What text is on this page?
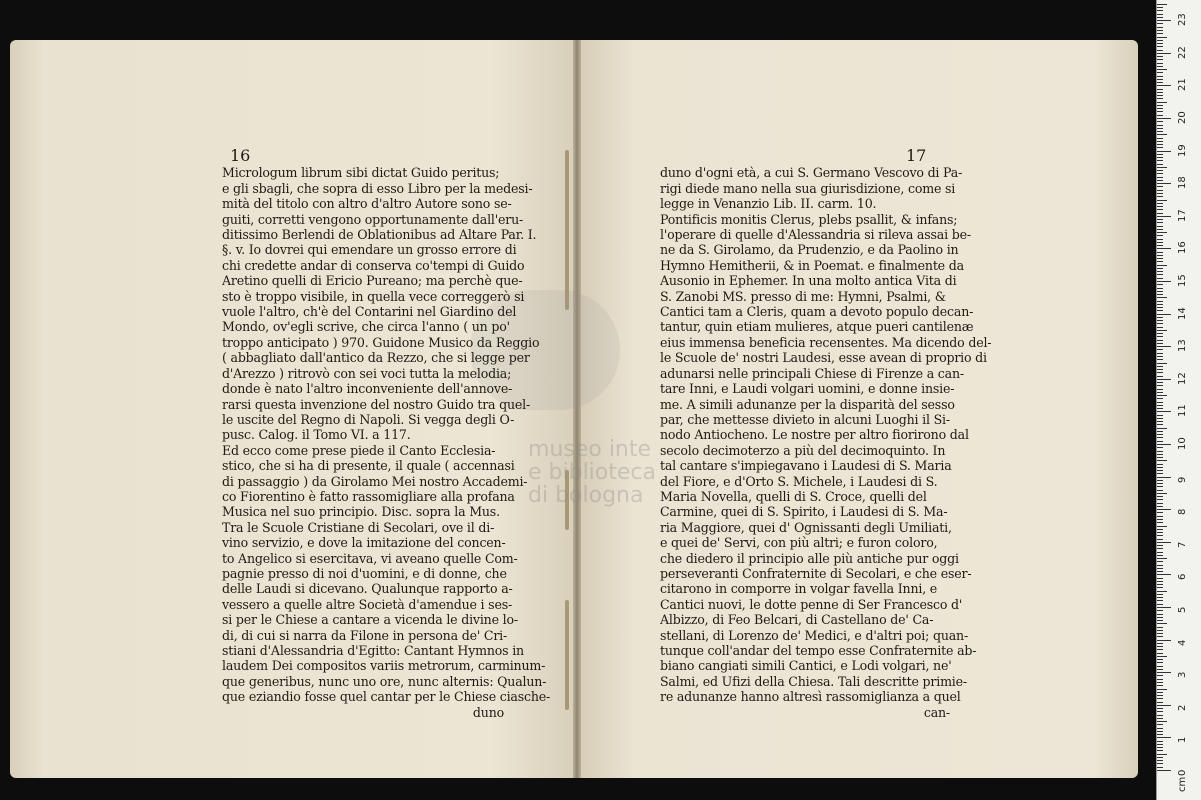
museo inte
e biblioteca
di bologna
16	17

Micrologum librum sibi dictat Guido peritus;
e gli sbagli, che sopra di esso Libro per la medesi-
mità del titolo con altro d'altro Autore sono se-
guiti, corretti vengono opportunamente dall'eru-
ditissimo Berlendi de Oblationibus ad Altare Par. I.
§. v. Io dovrei qui emendare un grosso errore di
chi credette andar di conserva co'tempi di Guido
Aretino quelli di Ericio Pureano; ma perchè que-
sto è troppo visibile, in quella vece correggerò si
vuole l'altro, ch'è del Contarini nel Giardino del
Mondo, ov'egli scrive, che circa l'anno ( un po'
troppo anticipato ) 970. Guidone Musico da Reggio
( abbagliato dall'antico da Rezzo, che si legge per
d'Arezzo ) ritrovò con sei voci tutta la melodia;
donde è nato l'altro inconveniente dell'annove-
rarsi questa invenzione del nostro Guido tra quel-
le uscite del Regno di Napoli. Si vegga degli O-
pusc. Calog. il Tomo VI. a 117.
Ed ecco come prese piede il Canto Ecclesia-
stico, che si ha di presente, il quale ( accennasi
di passaggio ) da Girolamo Mei nostro Accademi-
co Fiorentino è fatto rassomigliare alla profana
Musica nel suo principio. Disc. sopra la Mus.
Tra le Scuole Cristiane di Secolari, ove il di-
vino servizio, e dove la imitazione del concen-
to Angelico si esercitava, vi aveano quelle Com-
pagnie presso di noi d'uomini, e di donne, che
delle Laudi si dicevano. Qualunque rapporto a-
vessero a quelle altre Società d'amendue i ses-
si per le Chiese a cantare a vicenda le divine lo-
di, di cui si narra da Filone in persona de' Cri-
stiani d'Alessandria d'Egitto: Cantant Hymnos in
laudem Dei compositos variis metrorum, carminum-
que generibus, nunc uno ore, nunc alternis: Qualun-
que eziandio fosse quel cantar per le Chiese ciasche-
duno

duno d'ogni età, a cui S. Germano Vescovo di Pa-
rigi diede mano nella sua giurisdizione, come si
legge in Venanzio Lib. II. carm. 10.
Pontificis monitis Clerus, plebs psallit, & infans;
l'operare di quelle d'Alessandria si rileva assai be-
ne da S. Girolamo, da Prudenzio, e da Paolino in
Hymno Hemitherii, & in Poemat. e finalmente da
Ausonio in Ephemer. In una molto antica Vita di
S. Zanobi MS. presso di me: Hymni, Psalmi, &
Cantici tam a Cleris, quam a devoto populo decan-
tantur, quin etiam mulieres, atque pueri cantilenæ
eius immensa beneficia recensentes. Ma dicendo del-
le Scuole de' nostri Laudesi, esse avean di proprio di
adunarsi nelle principali Chiese di Firenze a can-
tare Inni, e Laudi volgari uomini, e donne insie-
me. A simili adunanze per la disparità del sesso
par, che mettesse divieto in alcuni Luoghi il Si-
nodo Antiocheno. Le nostre per altro fiorirono dal
secolo decimoterzo a più del decimoquinto. In
tal cantare s'impiegavano i Laudesi di S. Maria
del Fiore, e d'Orto S. Michele, i Laudesi di S.
Maria Novella, quelli di S. Croce, quelli del
Carmine, quei di S. Spirito, i Laudesi di S. Ma-
ria Maggiore, quei d' Ognissanti degli Umiliati,
e quei de' Servi, con più altri; e furon coloro,
che diedero il principio alle più antiche pur oggi
perseveranti Confraternite di Secolari, e che eser-
citarono in comporre in volgar favella Inni, e
Cantici nuovi, le dotte penne di Ser Francesco d'
Albizzo, di Feo Belcari, di Castellano de' Ca-
stellani, di Lorenzo de' Medici, e d'altri poi; quan-
tunque coll'andar del tempo esse Confraternite ab-
biano cangiati simili Cantici, e Lodi volgari, ne'
Salmi, ed Ufizi della Chiesa. Tali descritte primie-
re adunanze hanno altresì rassomiglianza a quel
can-
cm
0
1
2
3
4
5
6
7
8
9
10
11
12
13
14
15
16
17
18
19
20
21
22
23
